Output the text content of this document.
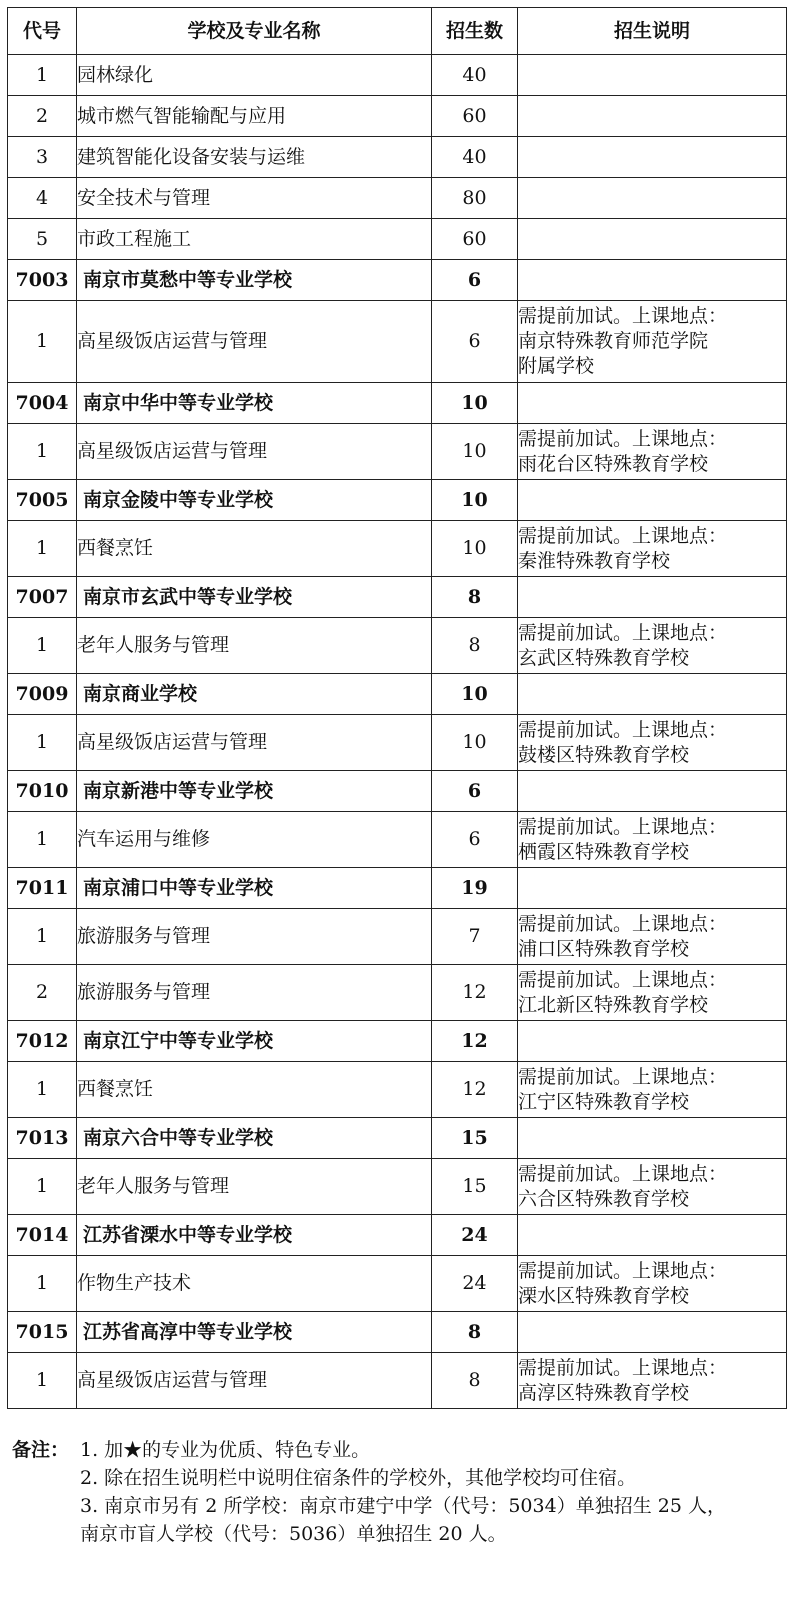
代号	学校及专业名称	招生数	招生说明
1	园林绿化	40	
2	城市燃气智能输配与应用	60	
3	建筑智能化设备安装与运维	40	
4	安全技术与管理	80	
5	市政工程施工	60	
7003	南京市莫愁中等专业学校	6	
1	高星级饭店运营与管理	6	需提前加试。上课地点：
南京特殊教育师范学院
附属学校
7004	南京中华中等专业学校	10	
1	高星级饭店运营与管理	10	需提前加试。上课地点：
雨花台区特殊教育学校
7005	南京金陵中等专业学校	10	
1	西餐烹饪	10	需提前加试。上课地点：
秦淮特殊教育学校
7007	南京市玄武中等专业学校	8	
1	老年人服务与管理	8	需提前加试。上课地点：
玄武区特殊教育学校
7009	南京商业学校	10	
1	高星级饭店运营与管理	10	需提前加试。上课地点：
鼓楼区特殊教育学校
7010	南京新港中等专业学校	6	
1	汽车运用与维修	6	需提前加试。上课地点：
栖霞区特殊教育学校
7011	南京浦口中等专业学校	19	
1	旅游服务与管理	7	需提前加试。上课地点：
浦口区特殊教育学校
2	旅游服务与管理	12	需提前加试。上课地点：
江北新区特殊教育学校
7012	南京江宁中等专业学校	12	
1	西餐烹饪	12	需提前加试。上课地点：
江宁区特殊教育学校
7013	南京六合中等专业学校	15	
1	老年人服务与管理	15	需提前加试。上课地点：
六合区特殊教育学校
7014	江苏省溧水中等专业学校	24	
1	作物生产技术	24	需提前加试。上课地点：
溧水区特殊教育学校
7015	江苏省高淳中等专业学校	8	
1	高星级饭店运营与管理	8	需提前加试。上课地点：
高淳区特殊教育学校
备注： 1. 加★的专业为优质、特色专业。
2. 除在招生说明栏中说明住宿条件的学校外，其他学校均可住宿。
3. 南京市另有 2 所学校：南京市建宁中学（代号：5034）单独招生 25 人，
南京市盲人学校（代号：5036）单独招生 20 人。
